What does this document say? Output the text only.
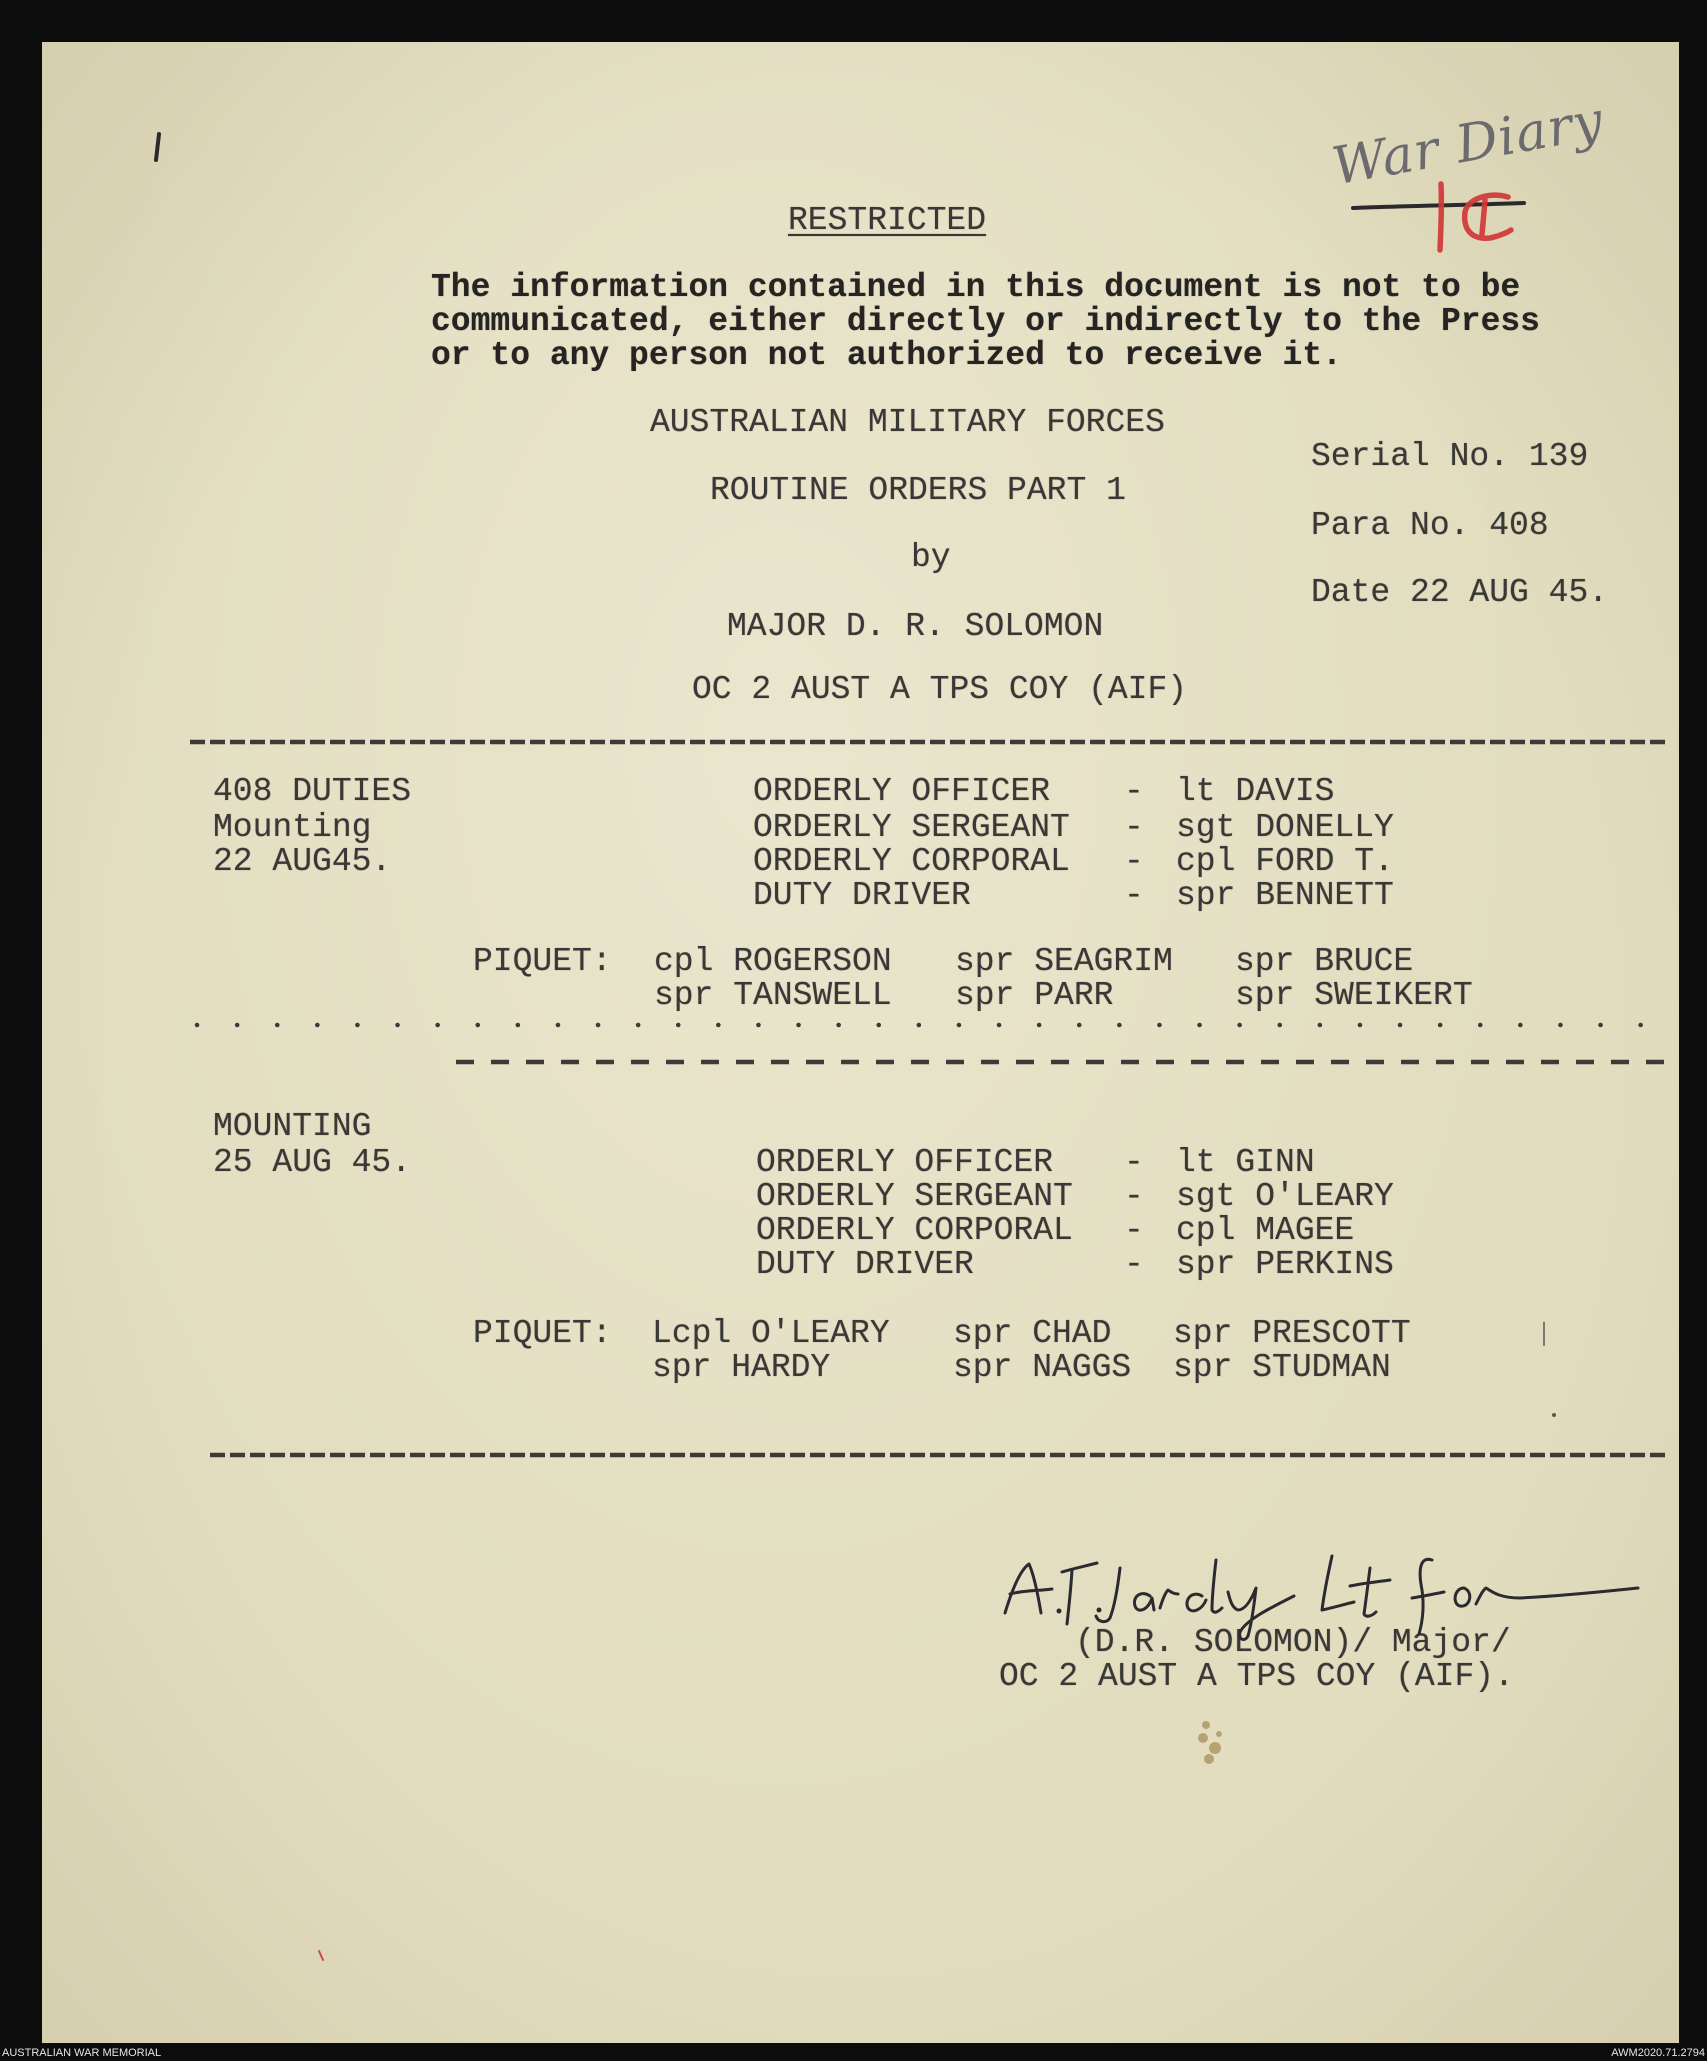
RESTRICTED
The information contained in this document is not to be
communicated, either directly or indirectly to the Press
or to any person not authorized to receive it.
AUSTRALIAN MILITARY FORCES
Serial No. 139
ROUTINE ORDERS PART 1
Para No. 408
by
Date 22 AUG 45.
MAJOR D. R. SOLOMON
OC 2 AUST A TPS COY (AIF)
408 DUTIES
Mounting
22 AUG45.
ORDERLY OFFICER - lt DAVIS
ORDERLY SERGEANT - sgt DONELLY
ORDERLY CORPORAL - cpl FORD T.
DUTY DRIVER	- spr BENNETT
PIQUET: cpl ROGERSON spr SEAGRIM spr BRUCE
spr TANSWELL spr PARR	spr SWEIKERT
MOUNTING
25 AUG 45.	ORDERLY OFFICER - lt GINN
ORDERLY SERGEANT - sgt O'LEARY
ORDERLY CORPORAL - cpl MAGEE
DUTY DRIVER	- spr PERKINS
PIQUET: Lcpl O'LEARY spr CHAD spr PRESCOTT
spr HARDY	spr NAGGS spr STUDMAN
(D.R. SOLOMON)/ Major/
OC 2 AUST A TPS COY (AIF).
War Diary
AUSTRALIAN WAR MEMORIAL	AWM2020.71.2794
